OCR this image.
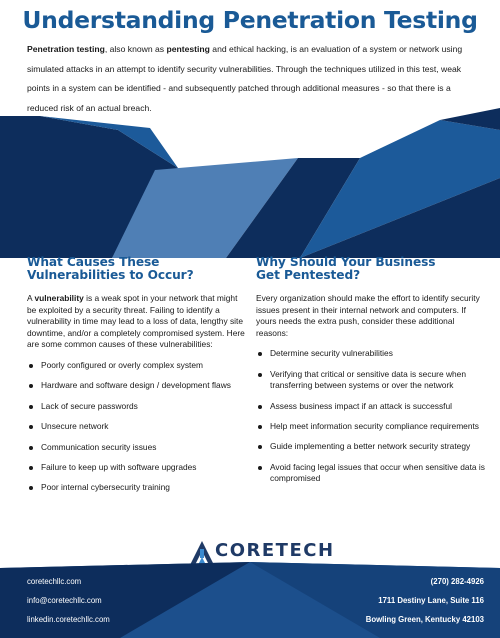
Understanding Penetration Testing

Penetration testing, also known as pentesting and ethical hacking, is an evaluation of a system or network using simulated attacks in an attempt to identify security vulnerabilities. Through the techniques utilized in this test, weak points in a system can be identified - and subsequently patched through additional measures - so that there is a reduced risk of an actual breach.

What Causes These
Vulnerabilities to Occur?

A vulnerability is a weak spot in your network that might be exploited by a security threat. Failing to identify a vulnerability in time may lead to a loss of data, lengthy site downtime, and/or a completely compromised system. Here are some common causes of these vulnerabilities:

Poorly configured or overly complex system
Hardware and software design / development flaws
Lack of secure passwords
Unsecure network
Communication security issues
Failure to keep up with software upgrades
Poor internal cybersecurity training
Why Should Your Business
Get Pentested?

Every organization should make the effort to identify security issues present in their internal network and computers. If yours needs the extra push, consider these additional reasons:

Determine security vulnerabilities
Verifying that critical or sensitive data is secure when transferring between systems or over the network
Assess business impact if an attack is successful
Help meet information security compliance requirements
Guide implementing a better network security strategy
Avoid facing legal issues that occur when sensitive data is compromised
CORETECH
coretechllc.com
info@coretechllc.com
linkedin.coretechllc.com
(270) 282-4926
1711 Destiny Lane, Suite 116
Bowling Green, Kentucky 42103
